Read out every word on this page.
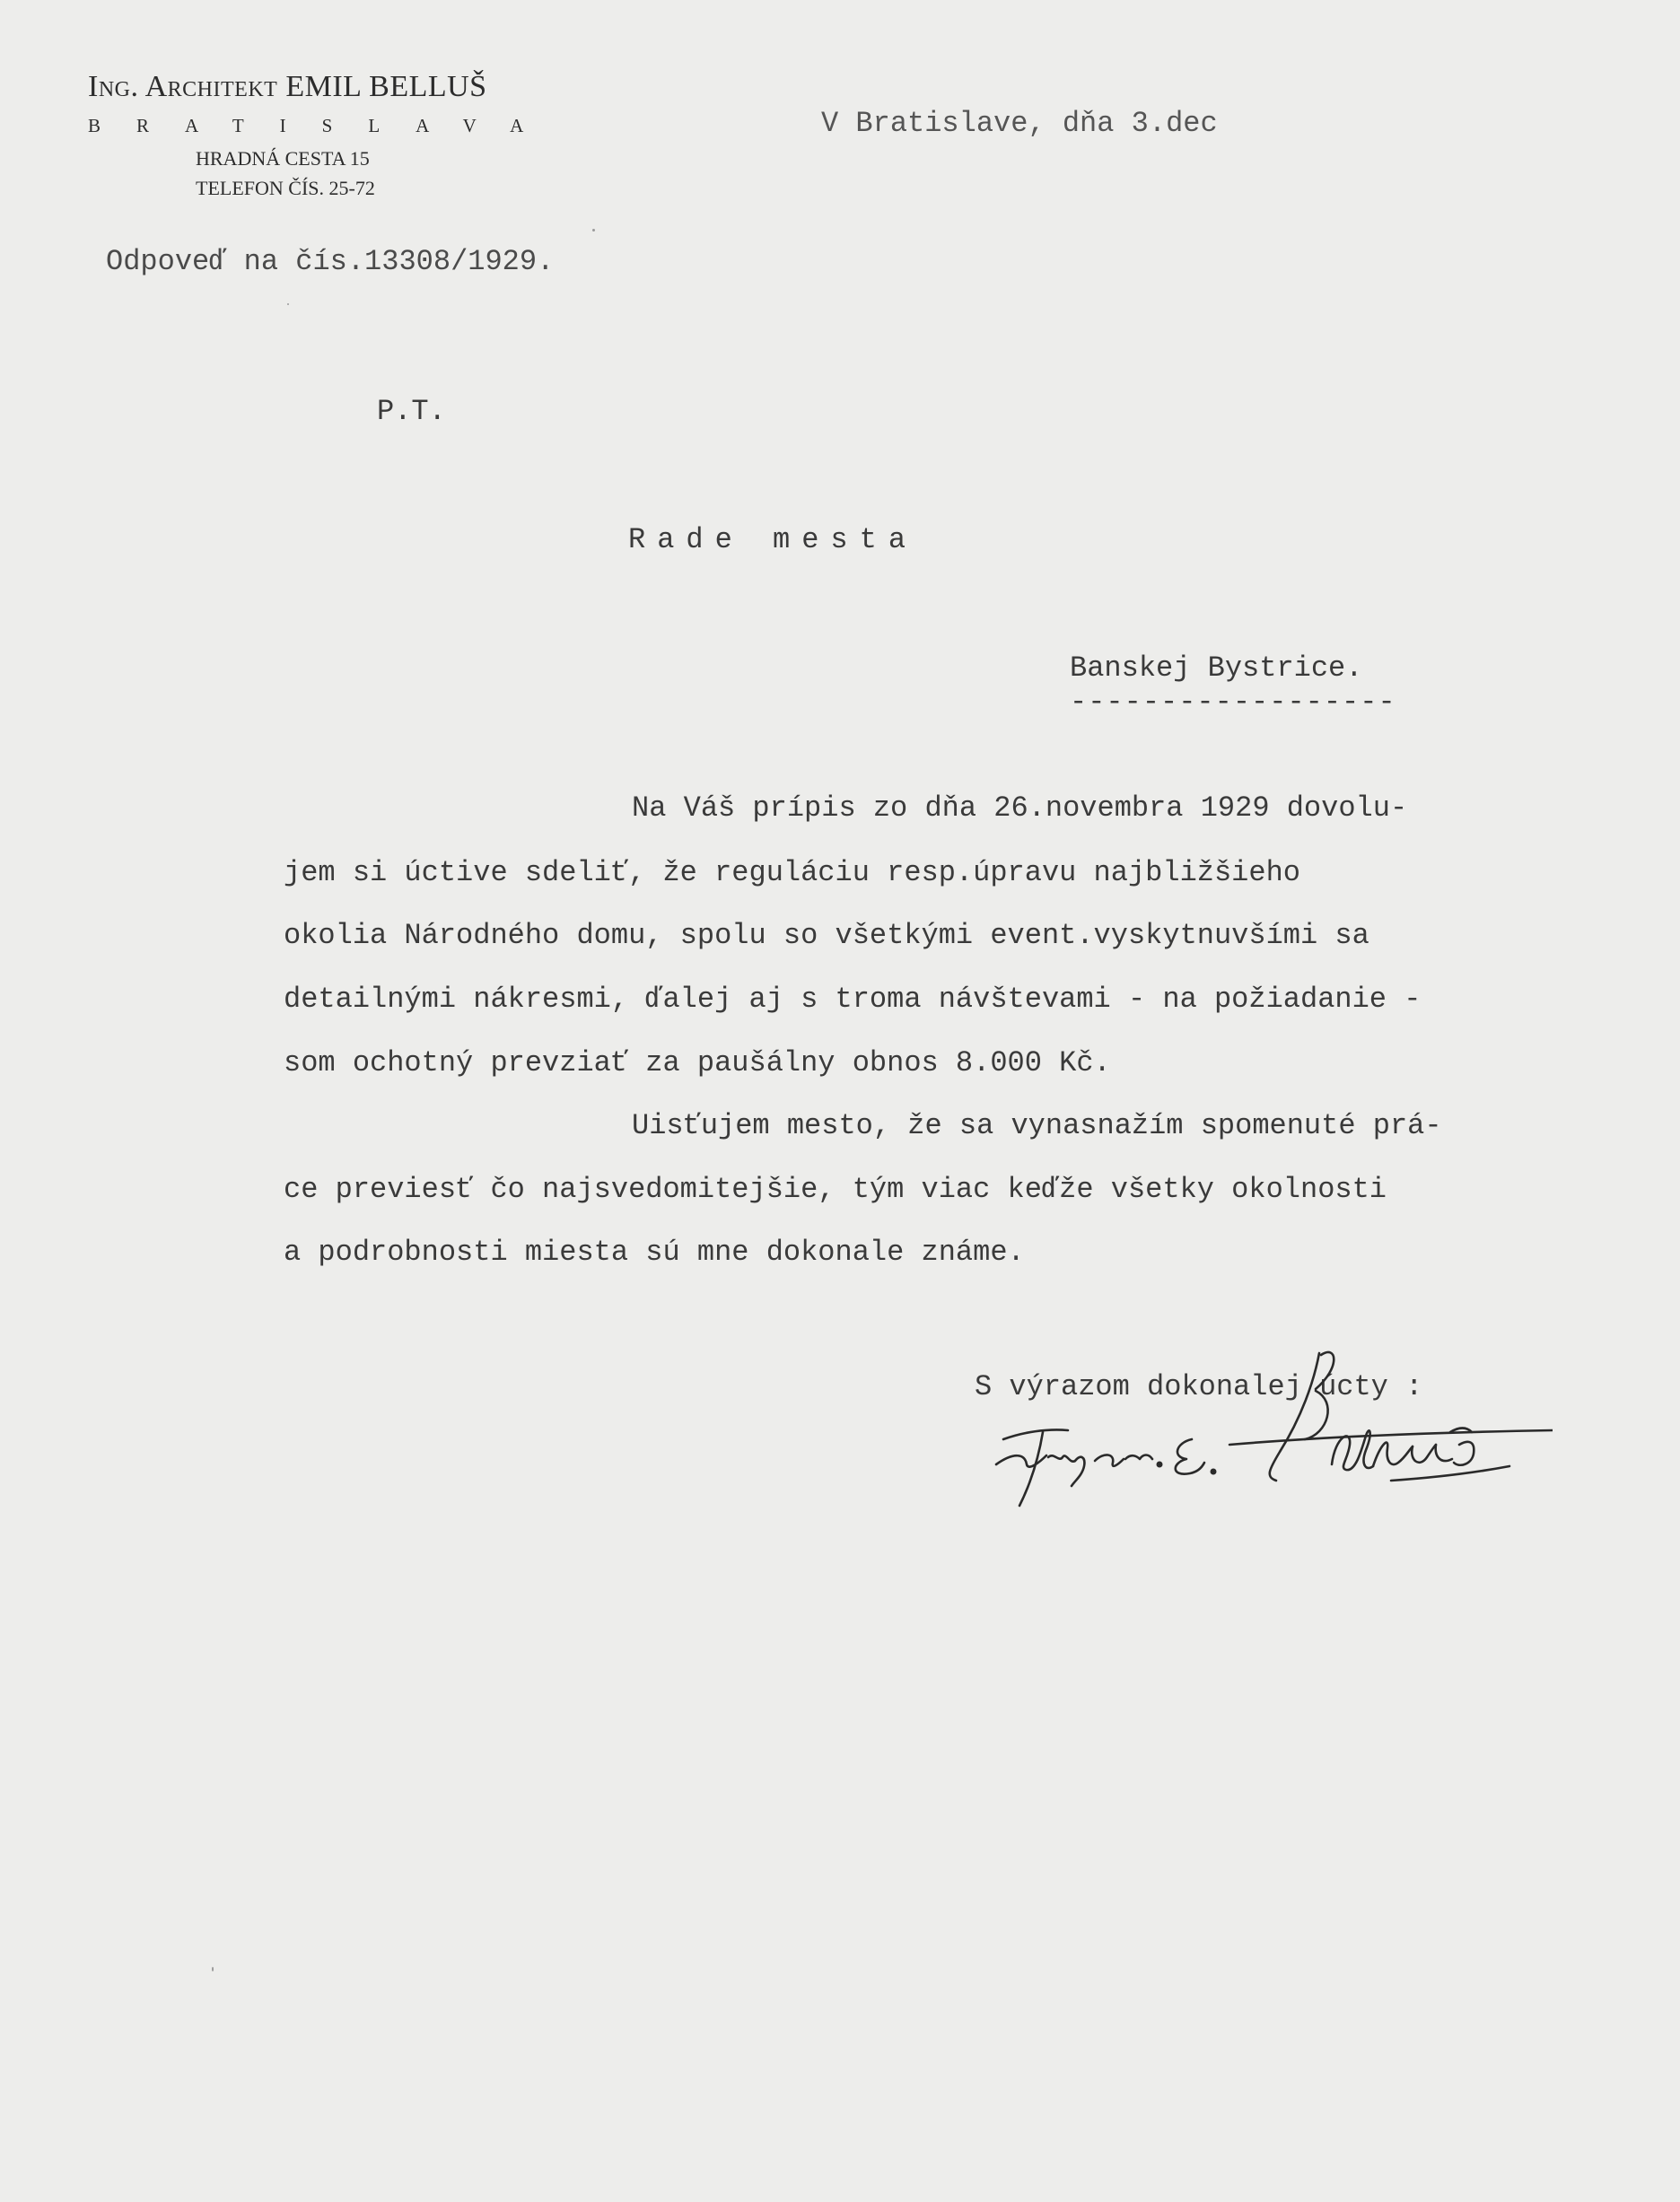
Ing. Architekt EMIL BELLUŠ
BRATISLAVA
HRADNÁ CESTA 15
TELEFON ČÍS. 25-72
V Bratislave, dňa 3.dec
Odpoveď na čís.13308/1929.
P.T.
Rade mesta
Banskej Bystrice.
------------------
Na Váš prípis zo dňa 26.novembra 1929 dovolu-
jem si úctive sdeliť, že reguláciu resp.úpravu najbližšieho
okolia Národného domu, spolu so všetkými event.vyskytnuvšími sa
detailnými nákresmi, ďalej aj s troma návštevami - na požiadanie -
som ochotný prevziať za paušálny obnos 8.000 Kč.
Uisťujem mesto, že sa vynasnažím spomenuté prá-
ce previesť čo najsvedomitejšie, tým viac keďže všetky okolnosti
a podrobnosti miesta sú mne dokonale známe.
S výrazom dokonalej úcty :
